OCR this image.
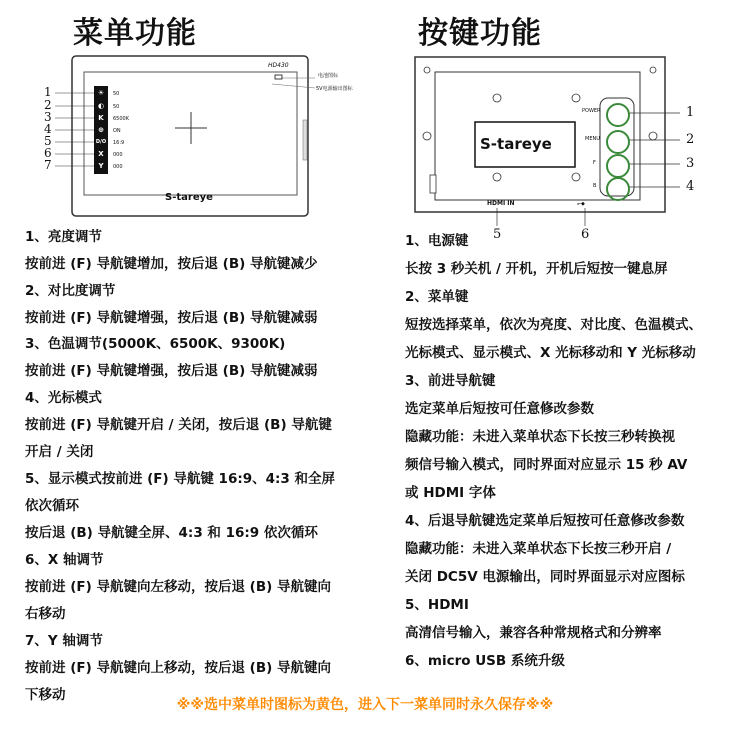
菜单功能	按键功能
HD430
电池图标
5V电源输出图标
1
2
3
4
5
6
7
☀
◐
K
⊕
D/O
X
Y
50
50
6500K
ON
16:9
000
000
S-tareye
POWER
MENU
F
B
1
2
3
4
S-tareye
HDMI IN	⟜◆
5	6
1、亮度调节
按前进 (F) 导航键增加，按后退 (B) 导航键减少
2、对比度调节
按前进 (F) 导航键增强，按后退 (B) 导航键减弱
3、色温调节(5000K、6500K、9300K)
按前进 (F) 导航键增强，按后退 (B) 导航键减弱
4、光标模式
按前进 (F) 导航键开启 / 关闭，按后退 (B) 导航键
开启 / 关闭
5、显示模式按前进 (F) 导航键 16:9、4:3 和全屏
依次循环
按后退 (B) 导航键全屏、4:3 和 16:9 依次循环
6、X 轴调节
按前进 (F) 导航键向左移动，按后退 (B) 导航键向
右移动
7、Y 轴调节
按前进 (F) 导航键向上移动，按后退 (B) 导航键向
下移动
1、电源键
长按 3 秒关机 / 开机，开机后短按一键息屏
2、菜单键
短按选择菜单，依次为亮度、对比度、色温模式、
光标模式、显示模式、X 光标移动和 Y 光标移动
3、前进导航键
选定菜单后短按可任意修改参数
隐藏功能：未进入菜单状态下长按三秒转换视
频信号输入模式，同时界面对应显示 15 秒 AV
或 HDMI 字体
4、后退导航键选定菜单后短按可任意修改参数
隐藏功能：未进入菜单状态下长按三秒开启 /
关闭 DC5V 电源输出，同时界面显示对应图标
5、HDMI
高清信号输入，兼容各种常规格式和分辨率
6、micro USB 系统升级
※※选中菜单时图标为黄色，进入下一菜单同时永久保存※※
